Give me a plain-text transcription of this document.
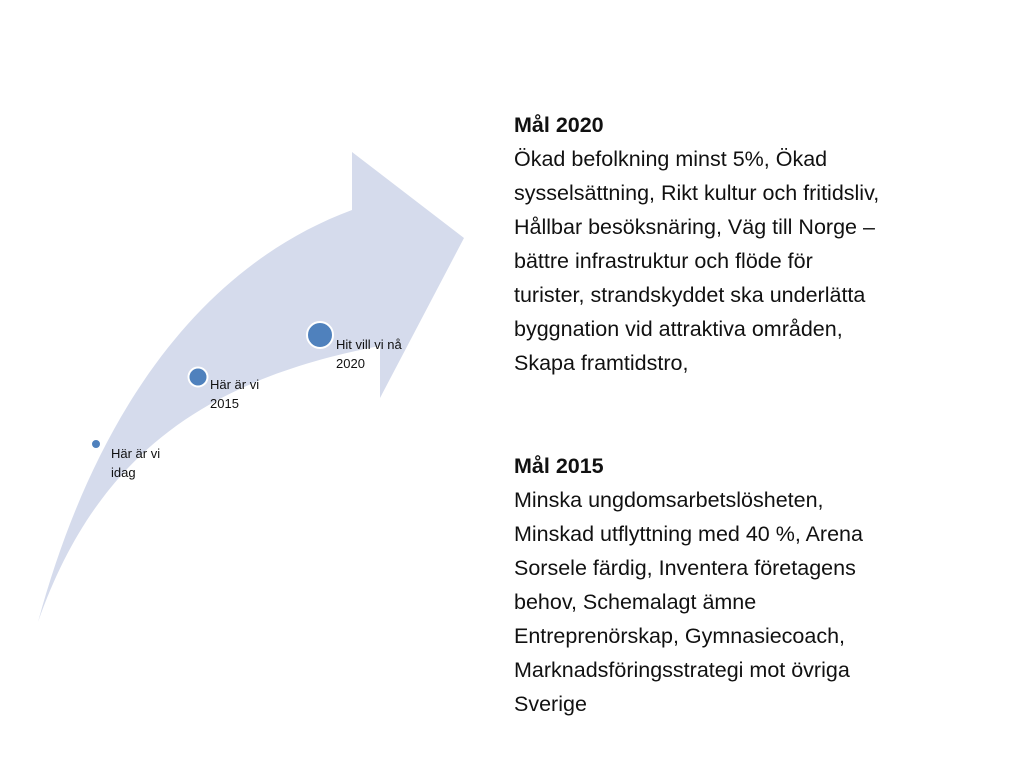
Här är vi
idag
Här är vi
2015
Hit vill vi nå
2020
Mål 2020
Ökad befolkning minst 5%, Ökad
sysselsättning, Rikt kultur och fritidsliv,
Hållbar besöksnäring, Väg till Norge –
bättre infrastruktur och flöde för
turister, strandskyddet ska underlätta
byggnation vid attraktiva områden,
Skapa framtidstro,
Mål 2015
Minska ungdomsarbetslösheten,
Minskad utflyttning med 40 %, Arena
Sorsele färdig, Inventera företagens
behov, Schemalagt ämne
Entreprenörskap, Gymnasiecoach,
Marknadsföringsstrategi mot övriga
Sverige
